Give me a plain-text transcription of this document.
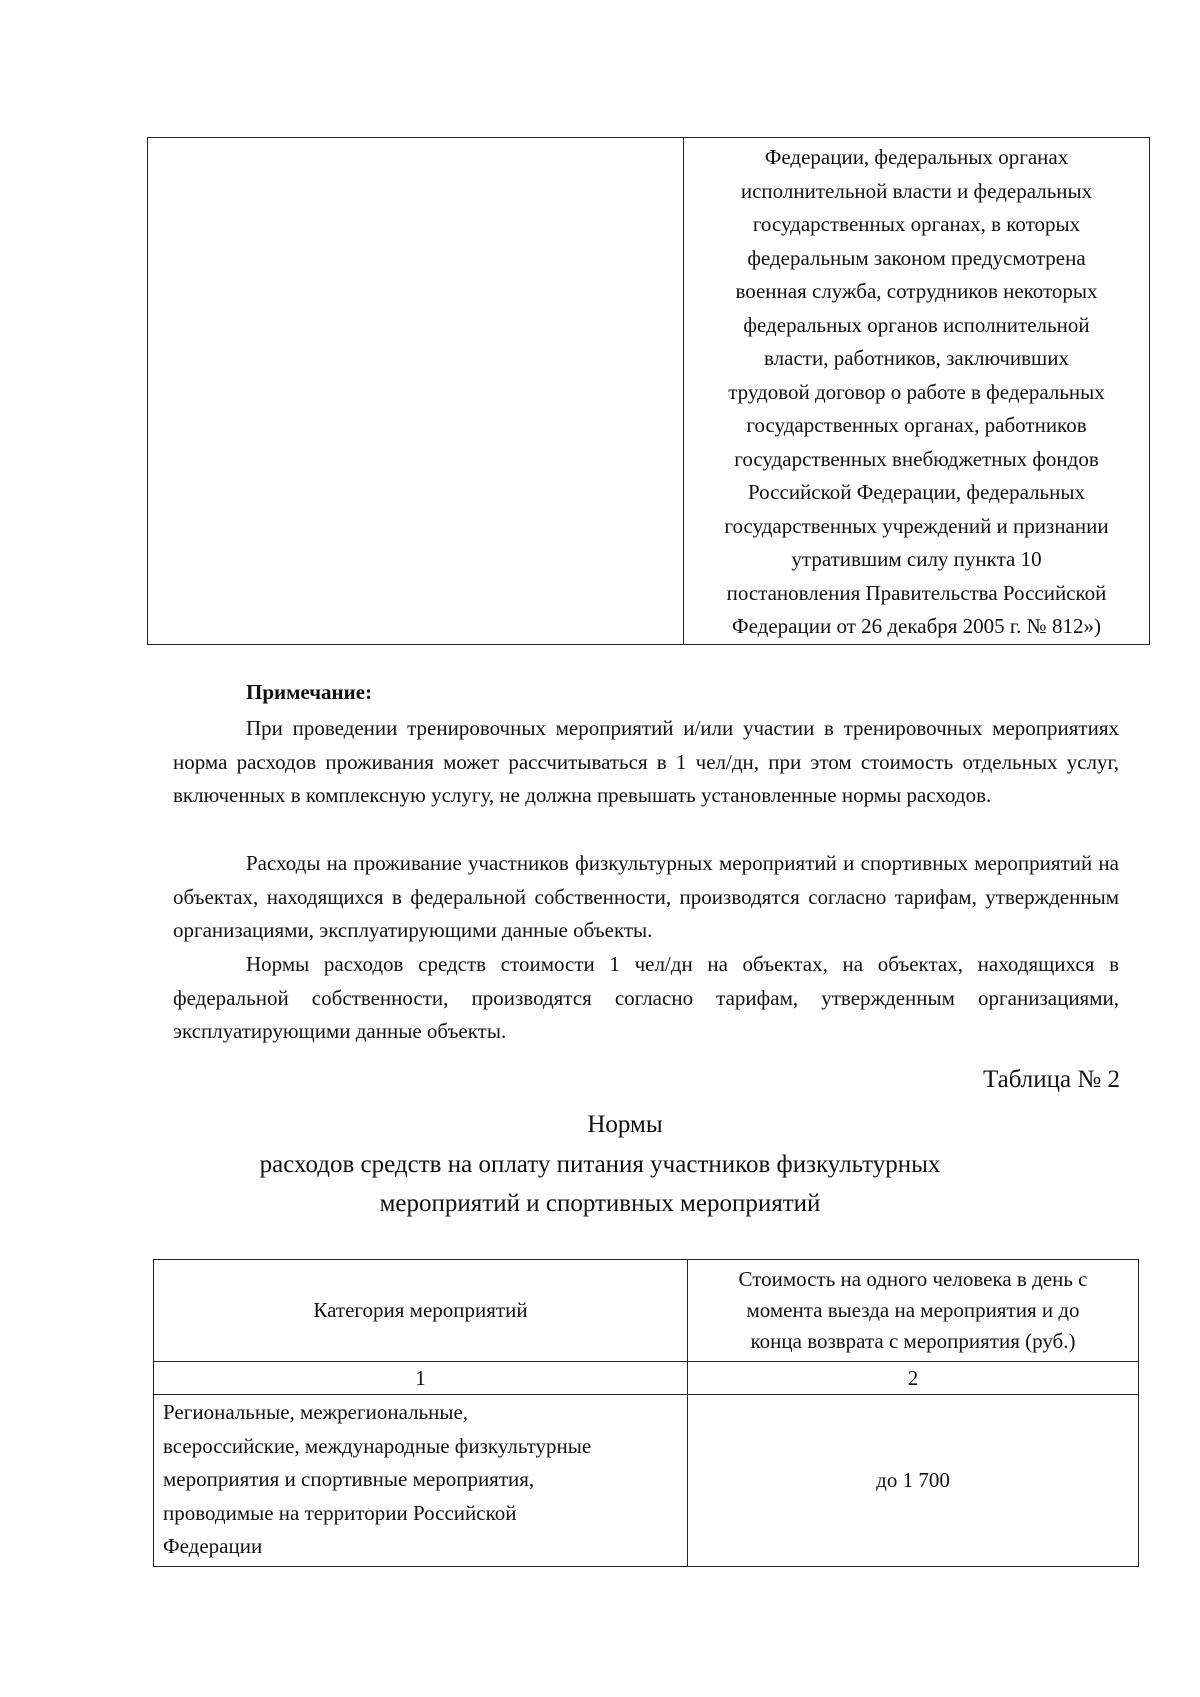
Федерации, федеральных органах
исполнительной власти и федеральных
государственных органах, в которых
федеральным законом предусмотрена
военная служба, сотрудников некоторых
федеральных органов исполнительной
власти, работников, заключивших
трудовой договор о работе в федеральных
государственных органах, работников
государственных внебюджетных фондов
Российской Федерации, федеральных
государственных учреждений и признании
утратившим силу пункта 10
постановления Правительства Российской
Федерации от 26 декабря 2005 г. № 812»)
Примечание:

При проведении тренировочных мероприятий и/или участии в тренировочных мероприятиях норма расходов проживания может рассчитываться в 1 чел/дн, при этом стоимость отдельных услуг, включенных в комплексную услугу, не должна превышать установленные нормы расходов.

Расходы на проживание участников физкультурных мероприятий и спортивных мероприятий на объектах, находящихся в федеральной собственности, производятся согласно тарифам, утвержденным организациями, эксплуатирующими данные объекты.

Нормы расходов средств стоимости 1 чел/дн на объектах, на объектах, находящихся в федеральной собственности, производятся согласно тарифам, утвержденным организациями, эксплуатирующими данные объекты.

Таблица № 2
Нормы
расходов средств на оплату питания участников физкультурных
мероприятий и спортивных мероприятий
Категория мероприятий	Стоимость на одного человека в день с
момента выезда на мероприятия и до
конца возврата с мероприятия (руб.)

1	2

Региональные, межрегиональные,
всероссийские, международные физкультурные
мероприятия и спортивные мероприятия,
проводимые на территории Российской
Федерации	до 1 700
